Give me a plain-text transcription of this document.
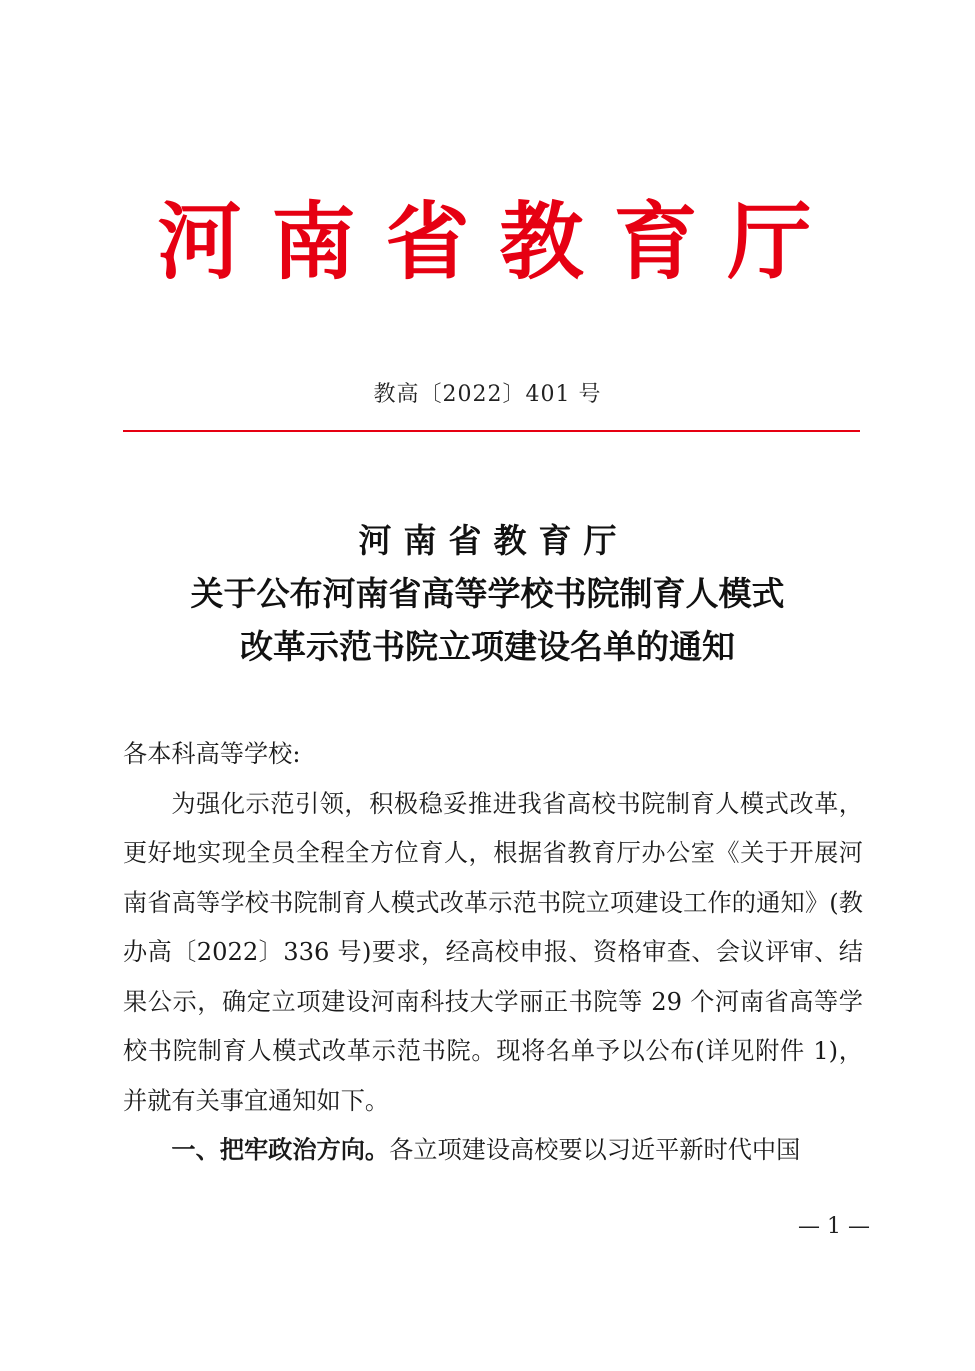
河南省教育厅
教高〔2022〕401 号
河南省教育厅
关于公布河南省高等学校书院制育人模式
改革示范书院立项建设名单的通知

各本科高等学校:

为强化示范引领，积极稳妥推进我省高校书院制育人模式改革，更好地实现全员全程全方位育人，根据省教育厅办公室《关于开展河南省高等学校书院制育人模式改革示范书院立项建设工作的通知》(教办高〔2022〕336 号)要求，经高校申报、资格审查、会议评审、结果公示，确定立项建设河南科技大学丽正书院等 29 个河南省高等学校书院制育人模式改革示范书院。现将名单予以公布(详见附件 1)，并就有关事宜通知如下。

一、把牢政治方向。各立项建设高校要以习近平新时代中国

— 1 —
